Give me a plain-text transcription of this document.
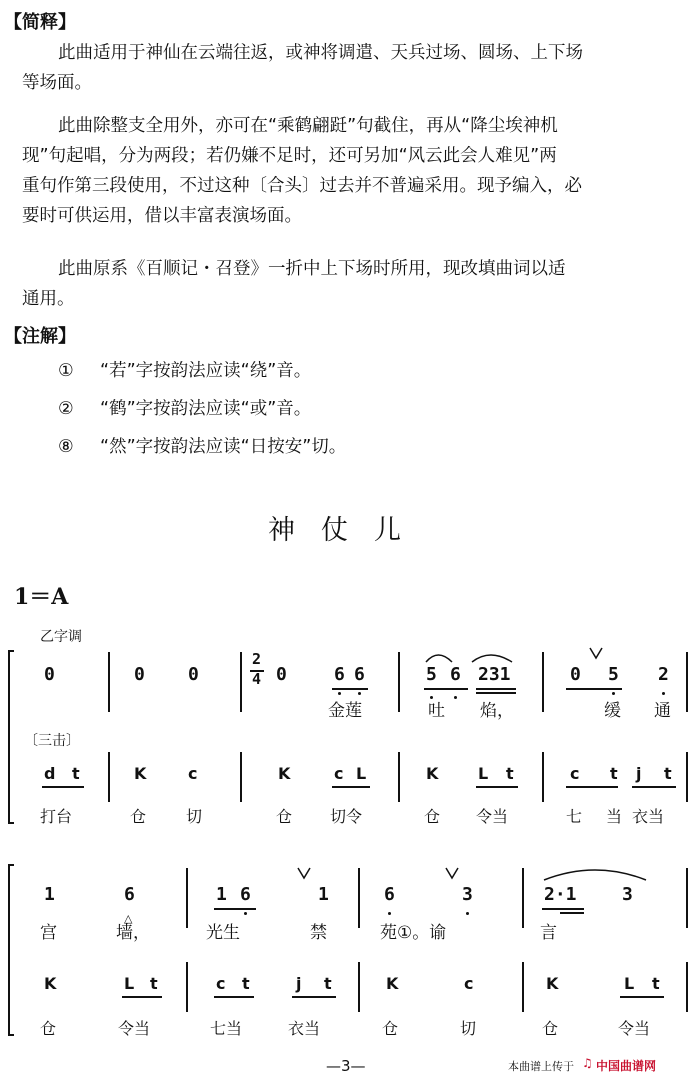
【简释】
此曲适用于神仙在云端往返，或神将调遣、天兵过场、圆场、上下场
等场面。
此曲除整支全用外，亦可在“乘鹤翩跹”句截住，再从“降尘埃神机
现”句起唱，分为两段；若仍嫌不足时，还可另加“风云此会人难见”两
重句作第三段使用，不过这种〔合头〕过去并不普遍采用。现予编入，必
要时可供运用，借以丰富表演场面。
此曲原系《百顺记・召登》一折中上下场时所用，现改填曲词以适
通用。
【注解】
① “若”字按韵法应读“绕”音。
② “鹤”字按韵法应读“或”音。
⑧ “然”字按韵法应读“日按安”切。
神仗儿
1＝A
乙字调
0	0 0
2
4 0	6 6	5 6 231	0 5 2
金莲	吐 焰，	缓 通
〔三击〕
d t	K	c	K	c L	K L t	c t j t
打台	仓 切	仓 切令	仓 令当	七 当 衣当
1	6
△
1 6	1	6	3	2·1	3
宫	墙，	光生	禁	苑①。谕	言
K	L t	c t	j t	K	c	K	L t
仓	令当	七当	衣当	仓	切	仓	令当
—3—	本曲谱上传于 ♫ 中国曲谱网
